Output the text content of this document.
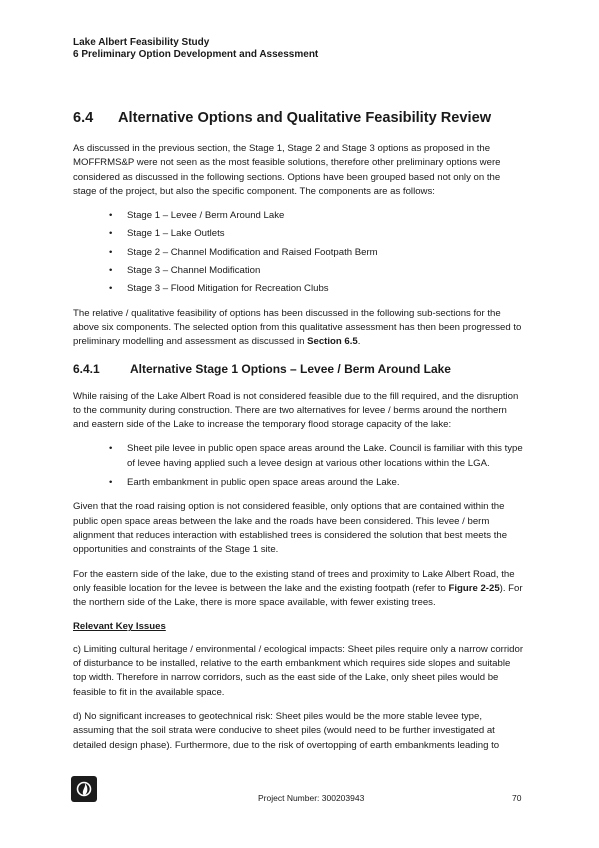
Lake Albert Feasibility Study
6 Preliminary Option Development and Assessment
6.4	Alternative Options and Qualitative Feasibility Review

As discussed in the previous section, the Stage 1, Stage 2 and Stage 3 options as proposed in the MOFFRMS&P were not seen as the most feasible solutions, therefore other preliminary options were considered as discussed in the following sections. Options have been grouped based not only on the stage of the project, but also the specific component. The components are as follows:

• Stage 1 – Levee / Berm Around Lake
• Stage 1 – Lake Outlets
• Stage 2 – Channel Modification and Raised Footpath Berm
• Stage 3 – Channel Modification
• Stage 3 – Flood Mitigation for Recreation Clubs

The relative / qualitative feasibility of options has been discussed in the following sub-sections for the above six components. The selected option from this qualitative assessment has then been progressed to preliminary modelling and assessment as discussed in Section 6.5.

6.4.1	Alternative Stage 1 Options – Levee / Berm Around Lake

While raising of the Lake Albert Road is not considered feasible due to the fill required, and the disruption to the community during construction. There are two alternatives for levee / berms around the northern and eastern side of the Lake to increase the temporary flood storage capacity of the lake:

• Sheet pile levee in public open space areas around the Lake. Council is familiar with this type of levee having applied such a levee design at various other locations within the LGA.
• Earth embankment in public open space areas around the Lake.

Given that the road raising option is not considered feasible, only options that are contained within the public open space areas between the lake and the roads have been considered. This levee / berm alignment that reduces interaction with established trees is considered the solution that best meets the opportunities and constraints of the Stage 1 site.

For the eastern side of the lake, due to the existing stand of trees and proximity to Lake Albert Road, the only feasible location for the levee is between the lake and the existing footpath (refer to Figure 2-25). For the northern side of the Lake, there is more space available, with fewer existing trees.

Relevant Key Issues

c) Limiting cultural heritage / environmental / ecological impacts: Sheet piles require only a narrow corridor of disturbance to be installed, relative to the earth embankment which requires side slopes and suitable top width. Therefore in narrow corridors, such as the east side of the Lake, only sheet piles would be feasible to fit in the available space.

d) No significant increases to geotechnical risk: Sheet piles would be the more stable levee type, assuming that the soil strata were conducive to sheet piles (would need to be further investigated at detailed design phase). Furthermore, due to the risk of overtopping of earth embankments leading to

Project Number: 300203943	70
